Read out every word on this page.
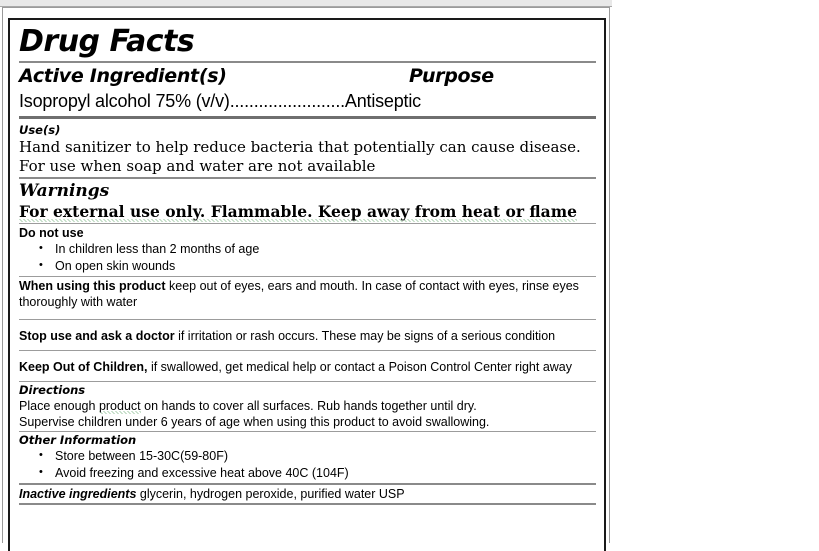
Drug Facts
Active Ingredient(s)	Purpose
Isopropyl alcohol 75% (v/v)........................Antiseptic
Use(s)
Hand sanitizer to help reduce bacteria that potentially can cause disease.
For use when soap and water are not available
Warnings
For external use only. Flammable. Keep away from heat or flame
Do not use
• In children less than 2 months of age
• On open skin wounds
When using this product keep out of eyes, ears and mouth. In case of contact with eyes, rinse eyes thoroughly with water
Stop use and ask a doctor if irritation or rash occurs. These may be signs of a serious condition
Keep Out of Children, if swallowed, get medical help or contact a Poison Control Center right away
Directions
Place enough product on hands to cover all surfaces. Rub hands together until dry.
Supervise children under 6 years of age when using this product to avoid swallowing.
Other Information
• Store between 15-30C(59-80F)
• Avoid freezing and excessive heat above 40C (104F)
Inactive ingredients glycerin, hydrogen peroxide, purified water USP
